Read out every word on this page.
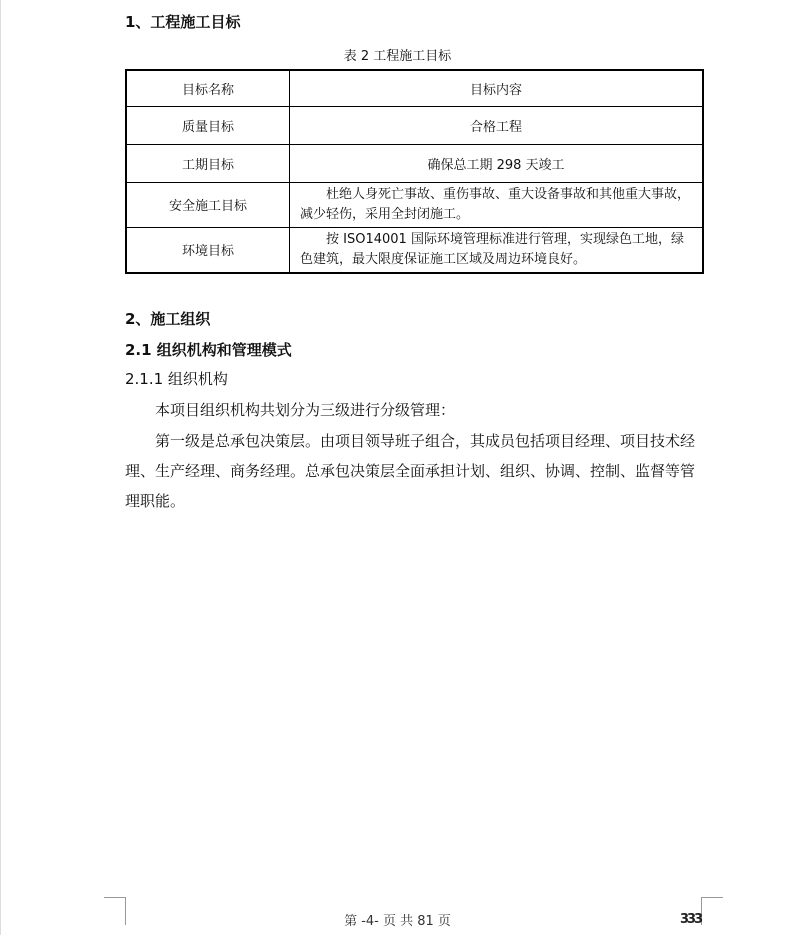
1、工程施工目标
表 2 工程施工目标
目标名称	目标内容
质量目标	合格工程
工期目标	确保总工期 298 天竣工
安全施工目标	杜绝人身死亡事故、重伤事故、重大设备事故和其他重大事故，减少轻伤，采用全封闭施工。
环境目标	按 ISO14001 国际环境管理标准进行管理，实现绿色工地，绿色建筑，最大限度保证施工区域及周边环境良好。
2、施工组织
2.1 组织机构和管理模式
2.1.1 组织机构
本项目组织机构共划分为三级进行分级管理：
第一级是总承包决策层。由项目领导班子组合，其成员包括项目经理、项目技术经理、生产经理、商务经理。总承包决策层全面承担计划、组织、协调、控制、监督等管理职能。
第 -4- 页 共 81 页	333
